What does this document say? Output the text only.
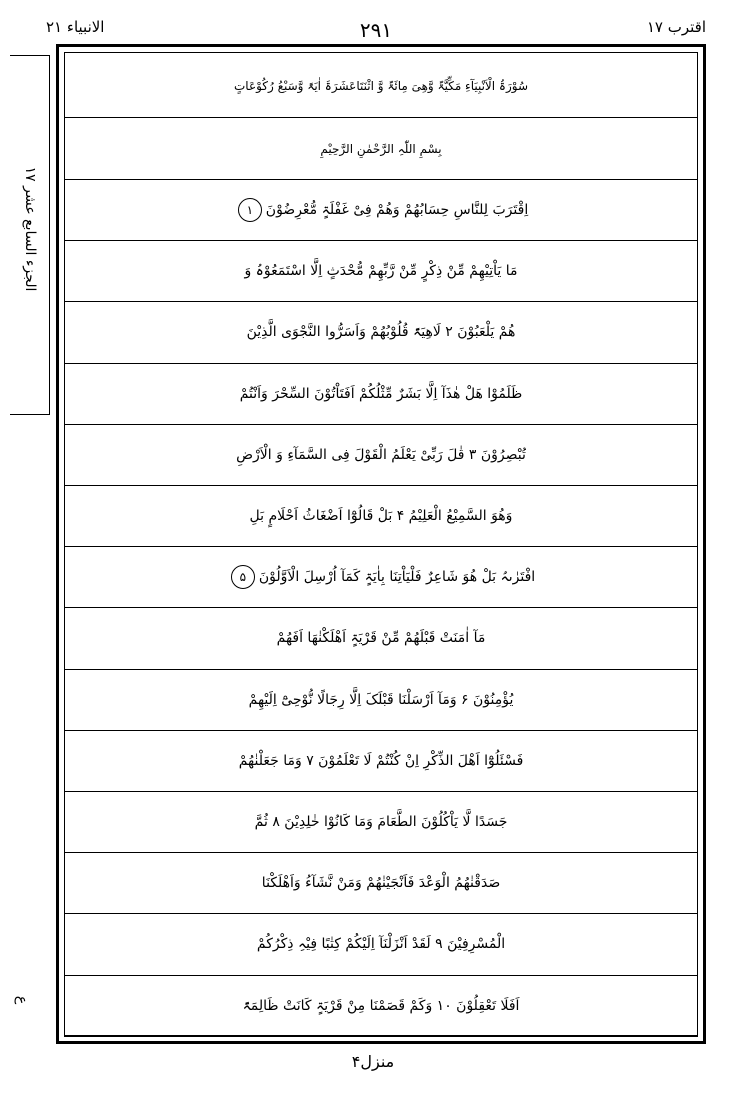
الانبیاء ۲۱	۲۹۱	اقترب ۱۷
الجزء السابع عشر ۱۷
ع
سُوْرَۃُ الْاَنْبِیَآءِ مَکِّیَّۃٌ وَّھِیَ مِائَۃٌ وَّ اثْنَتَاعَشَرَۃَ اٰیَۃً وَّسَبْعُ رُکُوْعَاتٍ
بِسْمِ اللّٰہِ الرَّحْمٰنِ الرَّحِیْمِ
اِقْتَرَبَ لِلنَّاسِ حِسَابُھُمْ وَھُمْ فِیْ غَفْلَۃٍ مُّعْرِضُوْنَ
۱
مَا یَاْتِیْھِمْ مِّنْ ذِکْرٍ مِّنْ رَّبِّھِمْ مُّحْدَثٍ اِلَّا اسْتَمَعُوْہُ وَ
ھُمْ یَلْعَبُوْنَ ۲ لَاھِیَۃً قُلُوْبُھُمْ وَاَسَرُّوا النَّجْوَی الَّذِیْنَ
ظَلَمُوْا ھَلْ ھٰذَآ اِلَّا بَشَرٌ مِّثْلُکُمْ اَفَتَاْتُوْنَ السِّحْرَ وَاَنْتُمْ
تُبْصِرُوْنَ ۳ قٰلَ رَبِّیْ یَعْلَمُ الْقَوْلَ فِی السَّمَآءِ وَ الْاَرْضِ
وَھُوَ السَّمِیْعُ الْعَلِیْمُ ۴ بَلْ قَالُوْٓا اَضْغَاثُ اَحْلَامٍ بَلِ
افْتَرٰىہُ بَلْ ھُوَ شَاعِرٌ فَلْیَاْتِنَا بِاٰیَۃٍ کَمَآ اُرْسِلَ الْاَوَّلُوْنَ
۵
مَآ اٰمَنَتْ قَبْلَھُمْ مِّنْ قَرْیَۃٍ اَھْلَکْنٰھَا اَفَھُمْ
یُؤْمِنُوْنَ ۶ وَمَآ اَرْسَلْنَا قَبْلَکَ اِلَّا رِجَالًا نُّوْحِیْٓ اِلَیْھِمْ
فَسْئَلُوْٓا اَھْلَ الذِّکْرِ اِنْ کُنْتُمْ لَا تَعْلَمُوْنَ ۷ وَمَا جَعَلْنٰھُمْ
جَسَدًا لَّا یَاْکُلُوْنَ الطَّعَامَ وَمَا کَانُوْا خٰلِدِیْنَ ۸ ثُمَّ
صَدَقْنٰھُمُ الْوَعْدَ فَاَنْجَیْنٰھُمْ وَمَنْ نَّشَآءُ وَاَھْلَکْنَا
الْمُسْرِفِیْنَ ۹ لَقَدْ اَنْزَلْنَآ اِلَیْکُمْ کِتٰبًا فِیْہِ ذِکْرُکُمْ
اَفَلَا تَعْقِلُوْنَ ۱۰ وَکَمْ قَصَمْنَا مِنْ قَرْیَۃٍ کَانَتْ ظَالِمَۃً
منزل۴
